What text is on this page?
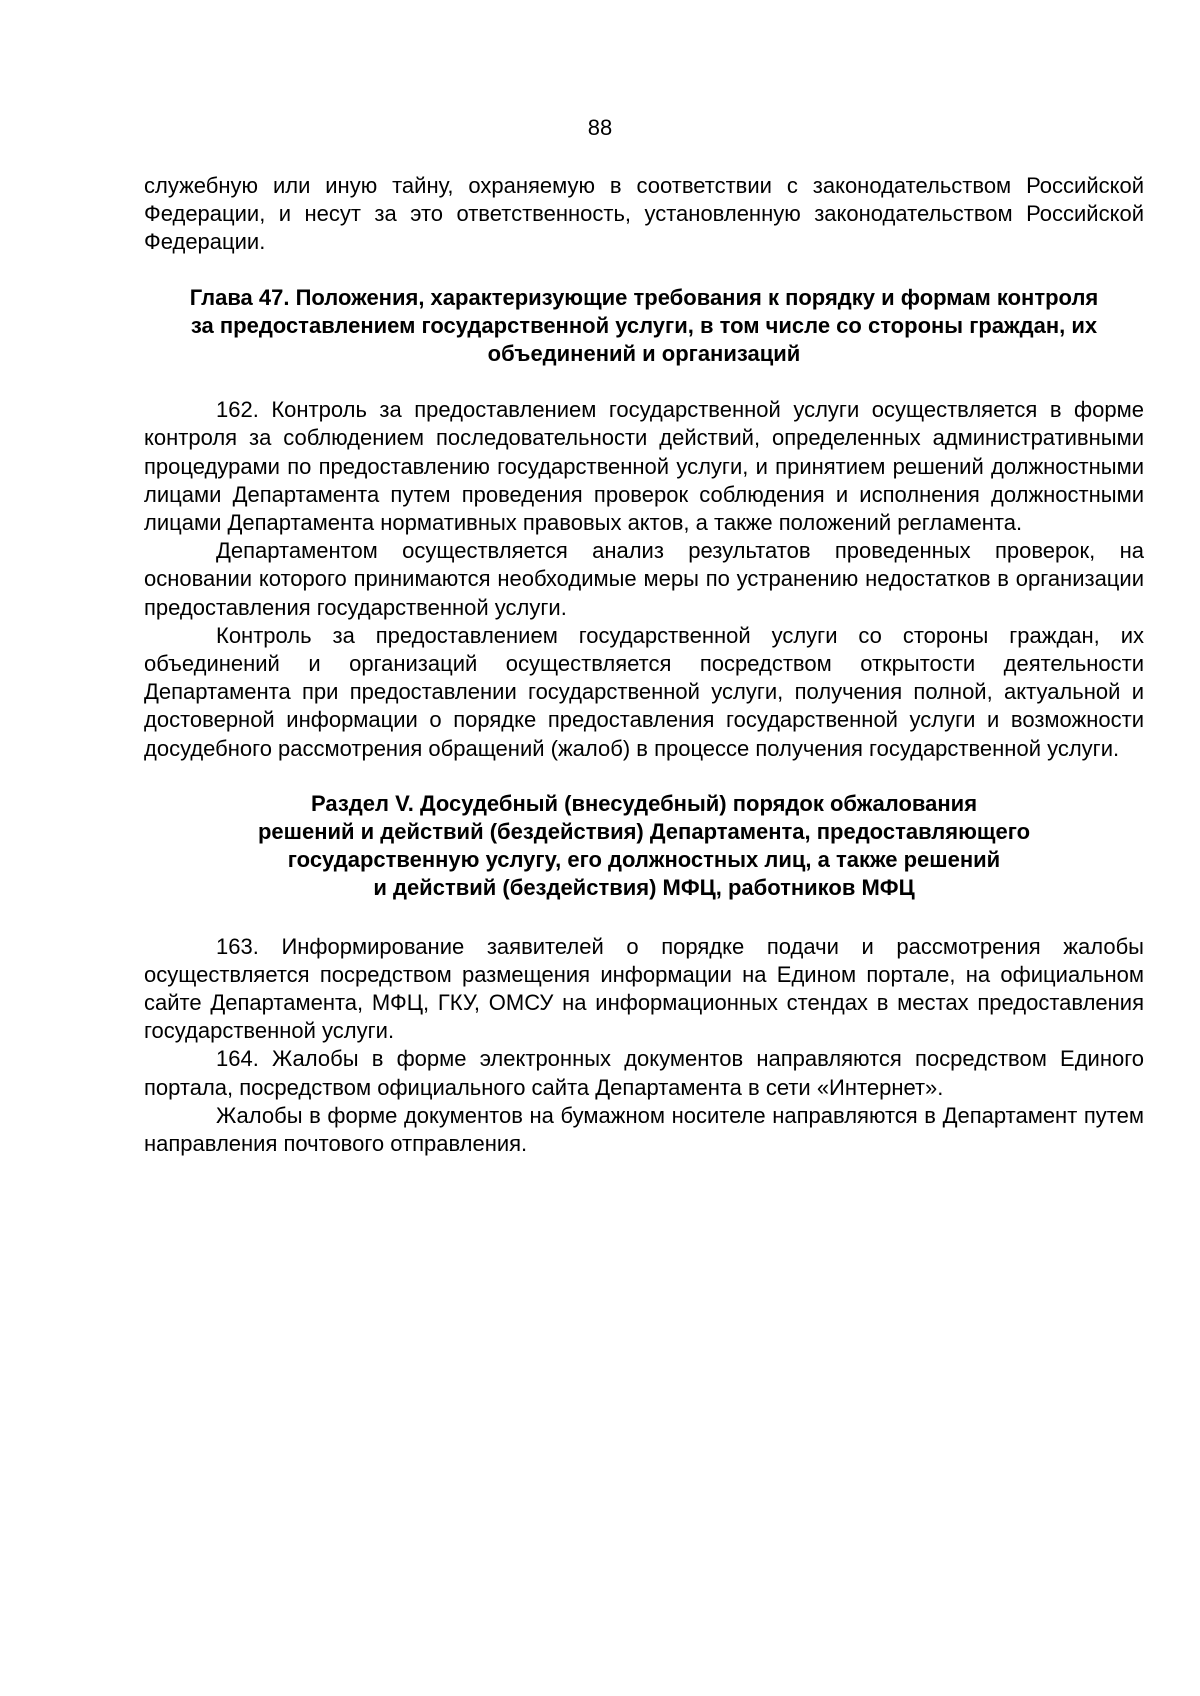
88

служебную или иную тайну, охраняемую в соответствии с законодательством Российской Федерации, и несут за это ответственность, установленную законодательством Российской Федерации.

Глава 47. Положения, характеризующие требования к порядку и формам контроля
за предоставлением государственной услуги, в том числе со стороны граждан, их
объединений и организаций

162. Контроль за предоставлением государственной услуги осуществляется в форме контроля за соблюдением последовательности действий, определенных административными процедурами по предоставлению государственной услуги, и принятием решений должностными лицами Департамента путем проведения проверок соблюдения и исполнения должностными лицами Департамента нормативных правовых актов, а также положений регламента.

Департаментом осуществляется анализ результатов проведенных проверок, на основании которого принимаются необходимые меры по устранению недостатков в организации предоставления государственной услуги.

Контроль за предоставлением государственной услуги со стороны граждан, их объединений и организаций осуществляется посредством открытости деятельности Департамента при предоставлении государственной услуги, получения полной, актуальной и достоверной информации о порядке предоставления государственной услуги и возможности досудебного рассмотрения обращений (жалоб) в процессе получения государственной услуги.

Раздел V. Досудебный (внесудебный) порядок обжалования
решений и действий (бездействия) Департамента, предоставляющего
государственную услугу, его должностных лиц, а также решений
и действий (бездействия) МФЦ, работников МФЦ

163. Информирование заявителей о порядке подачи и рассмотрения жалобы осуществляется посредством размещения информации на Едином портале, на официальном сайте Департамента, МФЦ, ГКУ, ОМСУ на информационных стендах в местах предоставления государственной услуги.

164. Жалобы в форме электронных документов направляются посредством Единого портала, посредством официального сайта Департамента в сети «Интернет».

Жалобы в форме документов на бумажном носителе направляются в Департамент путем направления почтового отправления.
